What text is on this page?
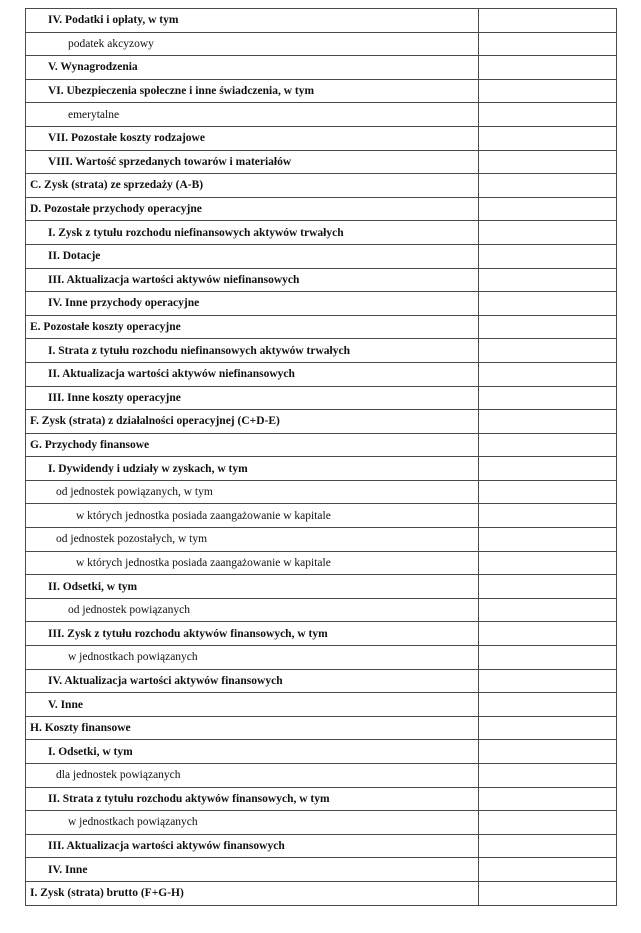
IV. Podatki i opłaty, w tym	
podatek akcyzowy	
V. Wynagrodzenia	
VI. Ubezpieczenia społeczne i inne świadczenia, w tym	
emerytalne	
VII. Pozostałe koszty rodzajowe	
VIII. Wartość sprzedanych towarów i materiałów	
C. Zysk (strata) ze sprzedaży (A-B)	
D. Pozostałe przychody operacyjne	
I. Zysk z tytułu rozchodu niefinansowych aktywów trwałych	
II. Dotacje	
III. Aktualizacja wartości aktywów niefinansowych	
IV. Inne przychody operacyjne	
E. Pozostałe koszty operacyjne	
I. Strata z tytułu rozchodu niefinansowych aktywów trwałych	
II. Aktualizacja wartości aktywów niefinansowych	
III. Inne koszty operacyjne	
F. Zysk (strata) z działalności operacyjnej (C+D-E)	
G. Przychody finansowe	
I. Dywidendy i udziały w zyskach, w tym	
od jednostek powiązanych, w tym	
w których jednostka posiada zaangażowanie w kapitale	
od jednostek pozostałych, w tym	
w których jednostka posiada zaangażowanie w kapitale	
II. Odsetki, w tym	
od jednostek powiązanych	
III. Zysk z tytułu rozchodu aktywów finansowych, w tym	
w jednostkach powiązanych	
IV. Aktualizacja wartości aktywów finansowych	
V. Inne	
H. Koszty finansowe	
I. Odsetki, w tym	
dla jednostek powiązanych	
II. Strata z tytułu rozchodu aktywów finansowych, w tym	
w jednostkach powiązanych	
III. Aktualizacja wartości aktywów finansowych	
IV. Inne	
I. Zysk (strata) brutto (F+G-H)	
